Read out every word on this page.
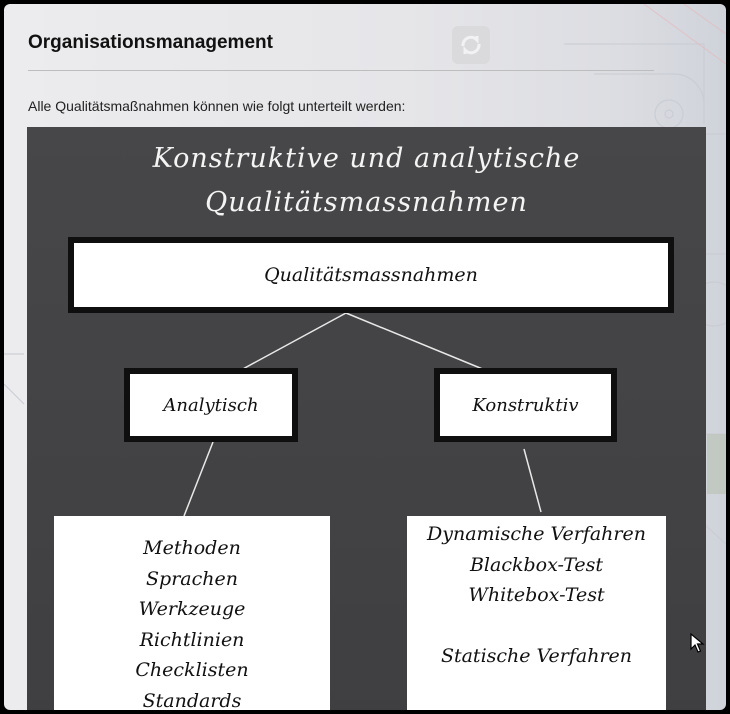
Organisationsmanagement

Alle Qualitätsmaßnahmen können wie folgt unterteilt werden:

Konstruktive und analytische
Qualitätsmassnahmen
Qualitätsmassnahmen
Analytisch	Konstruktiv
Methoden
Sprachen
Werkzeuge
Richtlinien
Checklisten
Standards
Dynamische Verfahren
Blackbox-Test
Whitebox-Test
Statische Verfahren
